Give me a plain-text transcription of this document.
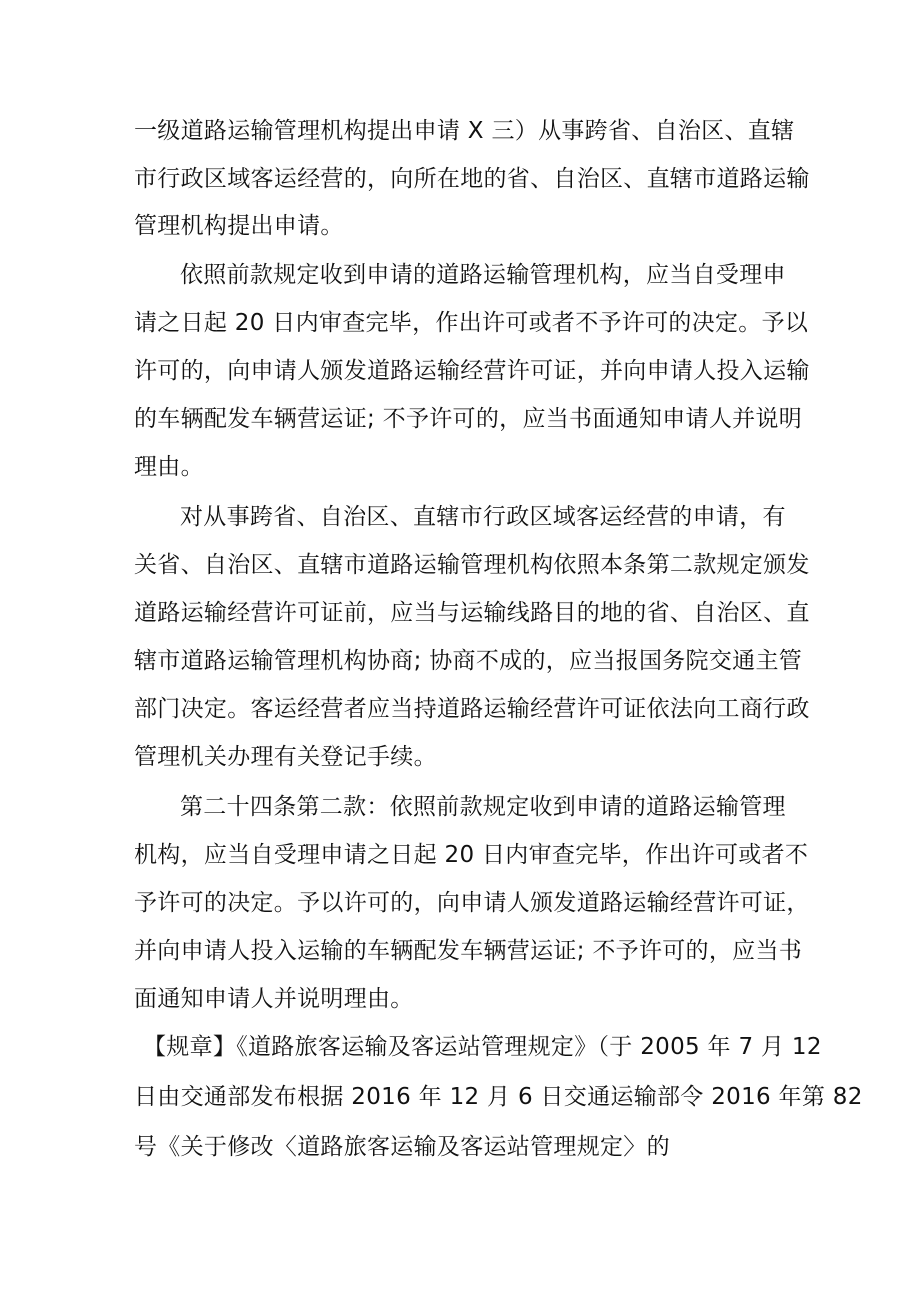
一级道路运输管理机构提出申请 X 三）从事跨省、自治区、直辖
市行政区域客运经营的，向所在地的省、自治区、直辖市道路运输
管理机构提出申请。
依照前款规定收到申请的道路运输管理机构，应当自受理申
请之日起 20 日内审查完毕，作出许可或者不予许可的决定。予以
许可的，向申请人颁发道路运输经营许可证，并向申请人投入运输
的车辆配发车辆营运证; 不予许可的，应当书面通知申请人并说明
理由。
对从事跨省、自治区、直辖市行政区域客运经营的申请，有
关省、自治区、直辖市道路运输管理机构依照本条第二款规定颁发
道路运输经营许可证前，应当与运输线路目的地的省、自治区、直
辖市道路运输管理机构协商; 协商不成的，应当报国务院交通主管
部门决定。客运经营者应当持道路运输经营许可证依法向工商行政
管理机关办理有关登记手续。
第二十四条第二款：依照前款规定收到申请的道路运输管理
机构，应当自受理申请之日起 20 日内审查完毕，作出许可或者不
予许可的决定。予以许可的，向申请人颁发道路运输经营许可证，
并向申请人投入运输的车辆配发车辆营运证; 不予许可的，应当书
面通知申请人并说明理由。
【规章】《道路旅客运输及客运站管理规定》（于 2005 年 7 月 12
日由交通部发布根据 2016 年 12 月 6 日交通运输部令 2016 年第 82
号《关于修改〈道路旅客运输及客运站管理规定〉的
